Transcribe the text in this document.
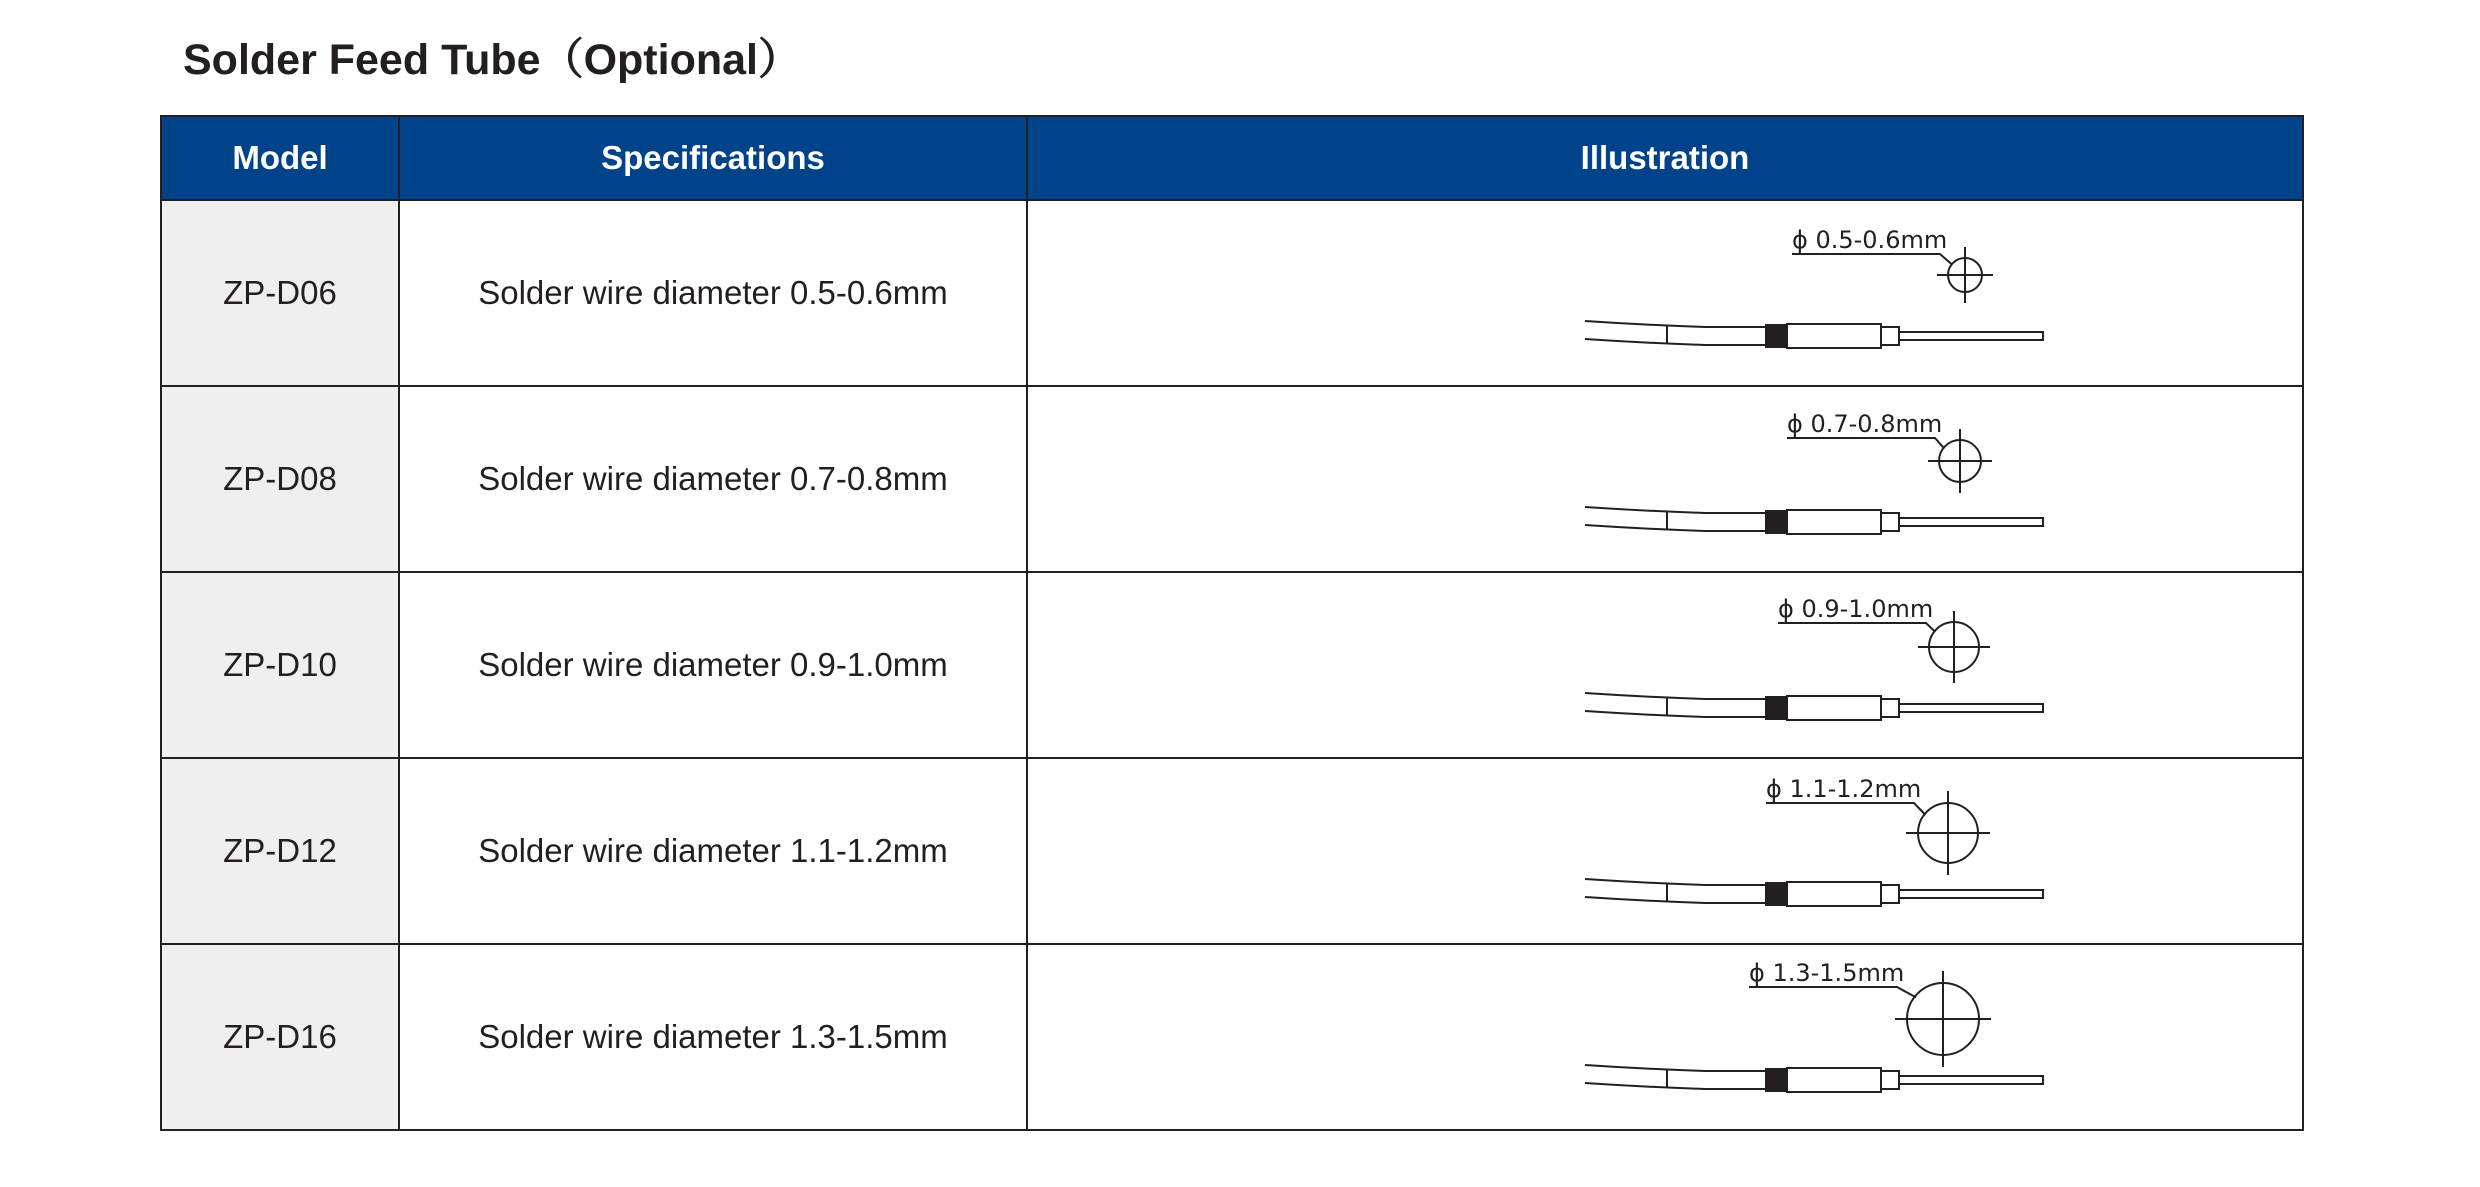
Solder Feed Tube（Optional）
Model	Specifications	Illustration
ZP-D06	Solder wire diameter 0.5-0.6mm	ϕ 0.5-0.6mm

ZP-D08	Solder wire diameter 0.7-0.8mm	ϕ 0.7-0.8mm

ZP-D10	Solder wire diameter 0.9-1.0mm	ϕ 0.9-1.0mm

ZP-D12	Solder wire diameter 1.1-1.2mm	ϕ 1.1-1.2mm

ZP-D16	Solder wire diameter 1.3-1.5mm	ϕ 1.3-1.5mm
